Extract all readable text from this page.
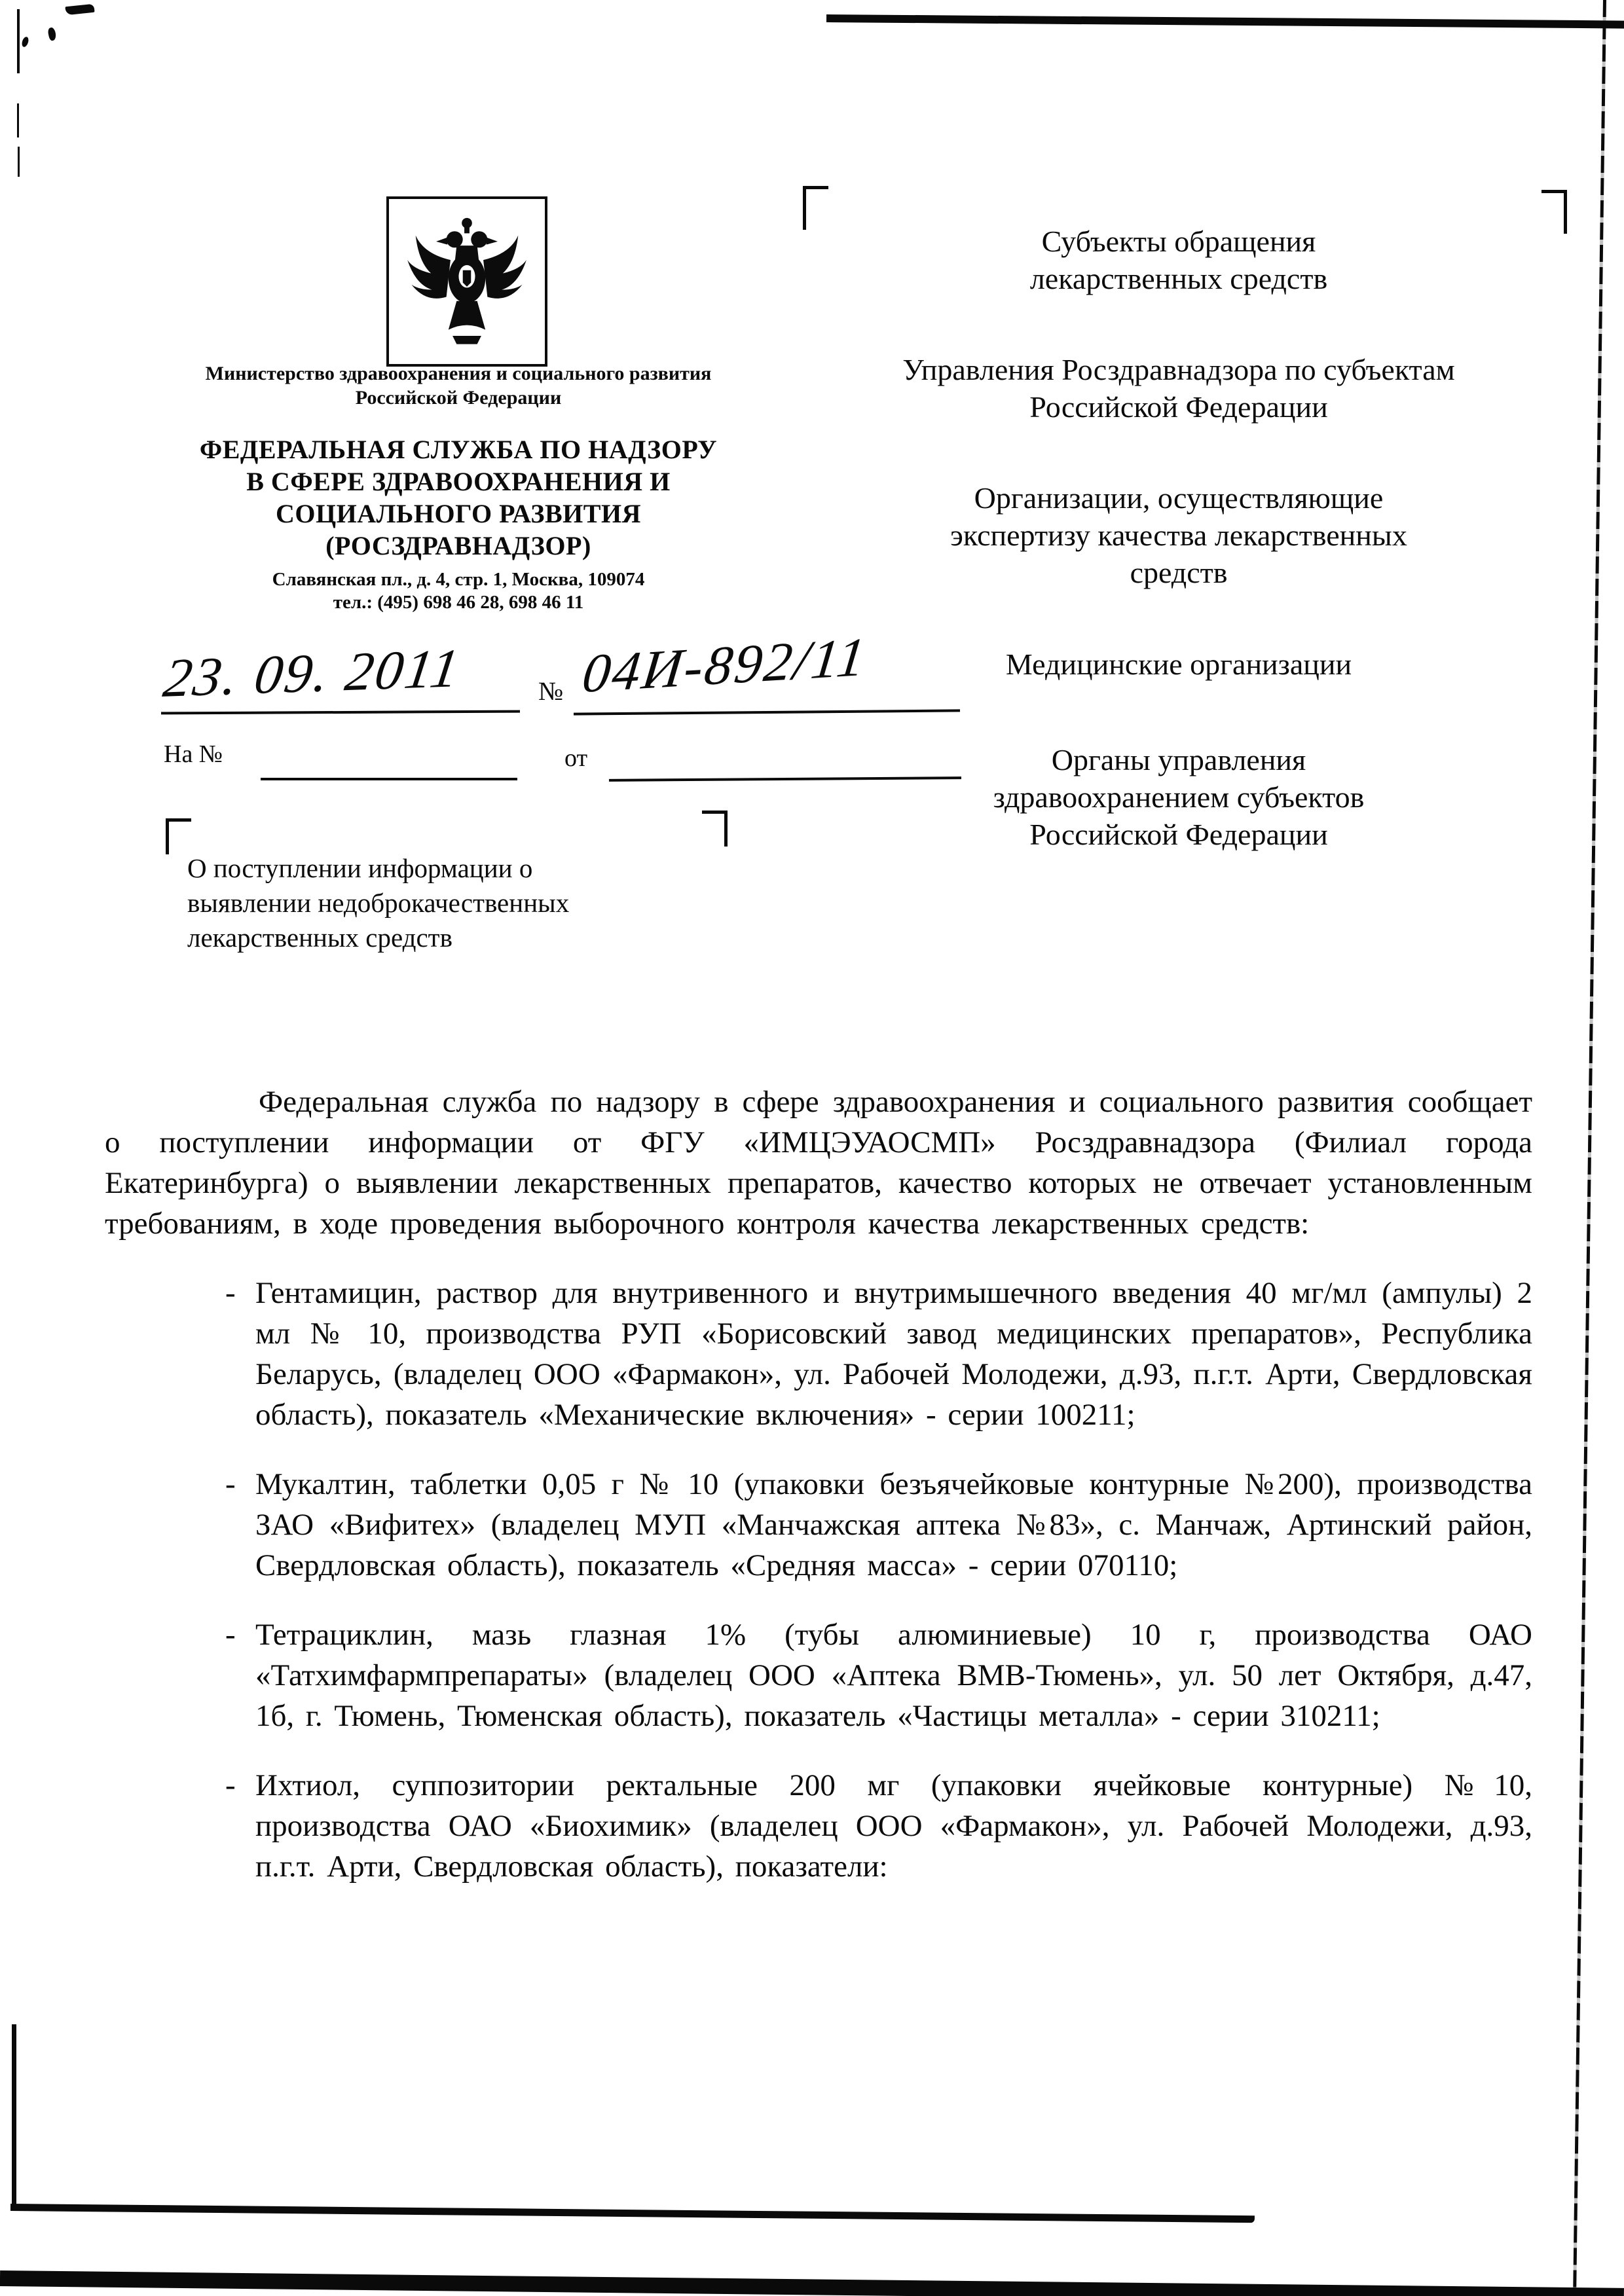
Министерство здравоохранения и социального развития Российской Федерации
ФЕДЕРАЛЬНАЯ СЛУЖБА ПО НАДЗОРУ
В СФЕРЕ ЗДРАВООХРАНЕНИЯ И
СОЦИАЛЬНОГО РАЗВИТИЯ
(РОСЗДРАВНАДЗОР)
Славянская пл., д. 4, стр. 1, Москва, 109074
тел.: (495) 698 46 28, 698 46 11
23. 09. 2011	№ 04И-892/11
На №	от
О поступлении информации о выявлении недоброкачественных лекарственных средств
Субъекты обращения лекарственных средств
Управления Росздравнадзора по субъектам Российской Федерации
Организации, осуществляющие экспертизу качества лекарственных средств
Медицинские организации
Органы управления здравоохранением субъектов Российской Федерации
Федеральная служба по надзору в сфере здравоохранения и социального развития сообщает о поступлении информации от ФГУ «ИМЦЭУАОСМП» Росздравнадзора (Филиал города Екатеринбурга) о выявлении лекарственных препаратов, качество которых не отвечает установленным требованиям, в ходе проведения выборочного контроля качества лекарственных средств:
- Гентамицин, раствор для внутривенного и внутримышечного введения 40 мг/мл (ампулы) 2 мл № 10, производства РУП «Борисовский завод медицинских препаратов», Республика Беларусь, (владелец ООО «Фармакон», ул. Рабочей Молодежи, д.93, п.г.т. Арти, Свердловская область), показатель «Механические включения» - серии 100211;
- Мукалтин, таблетки 0,05 г № 10 (упаковки безъячейковые контурные №200), производства ЗАО «Вифитех» (владелец МУП «Манчажская аптека №83», с. Манчаж, Артинский район, Свердловская область), показатель «Средняя масса» - серии 070110;
- Тетрациклин, мазь глазная 1% (тубы алюминиевые) 10 г, производства ОАО «Татхимфармпрепараты» (владелец ООО «Аптека ВМВ-Тюмень», ул. 50 лет Октября, д.47, 1б, г. Тюмень, Тюменская область), показатель «Частицы металла» - серии 310211;
- Ихтиол, суппозитории ректальные 200 мг (упаковки ячейковые контурные) №10, производства ОАО «Биохимик» (владелец ООО «Фармакон», ул. Рабочей Молодежи, д.93, п.г.т. Арти, Свердловская область), показатели:
